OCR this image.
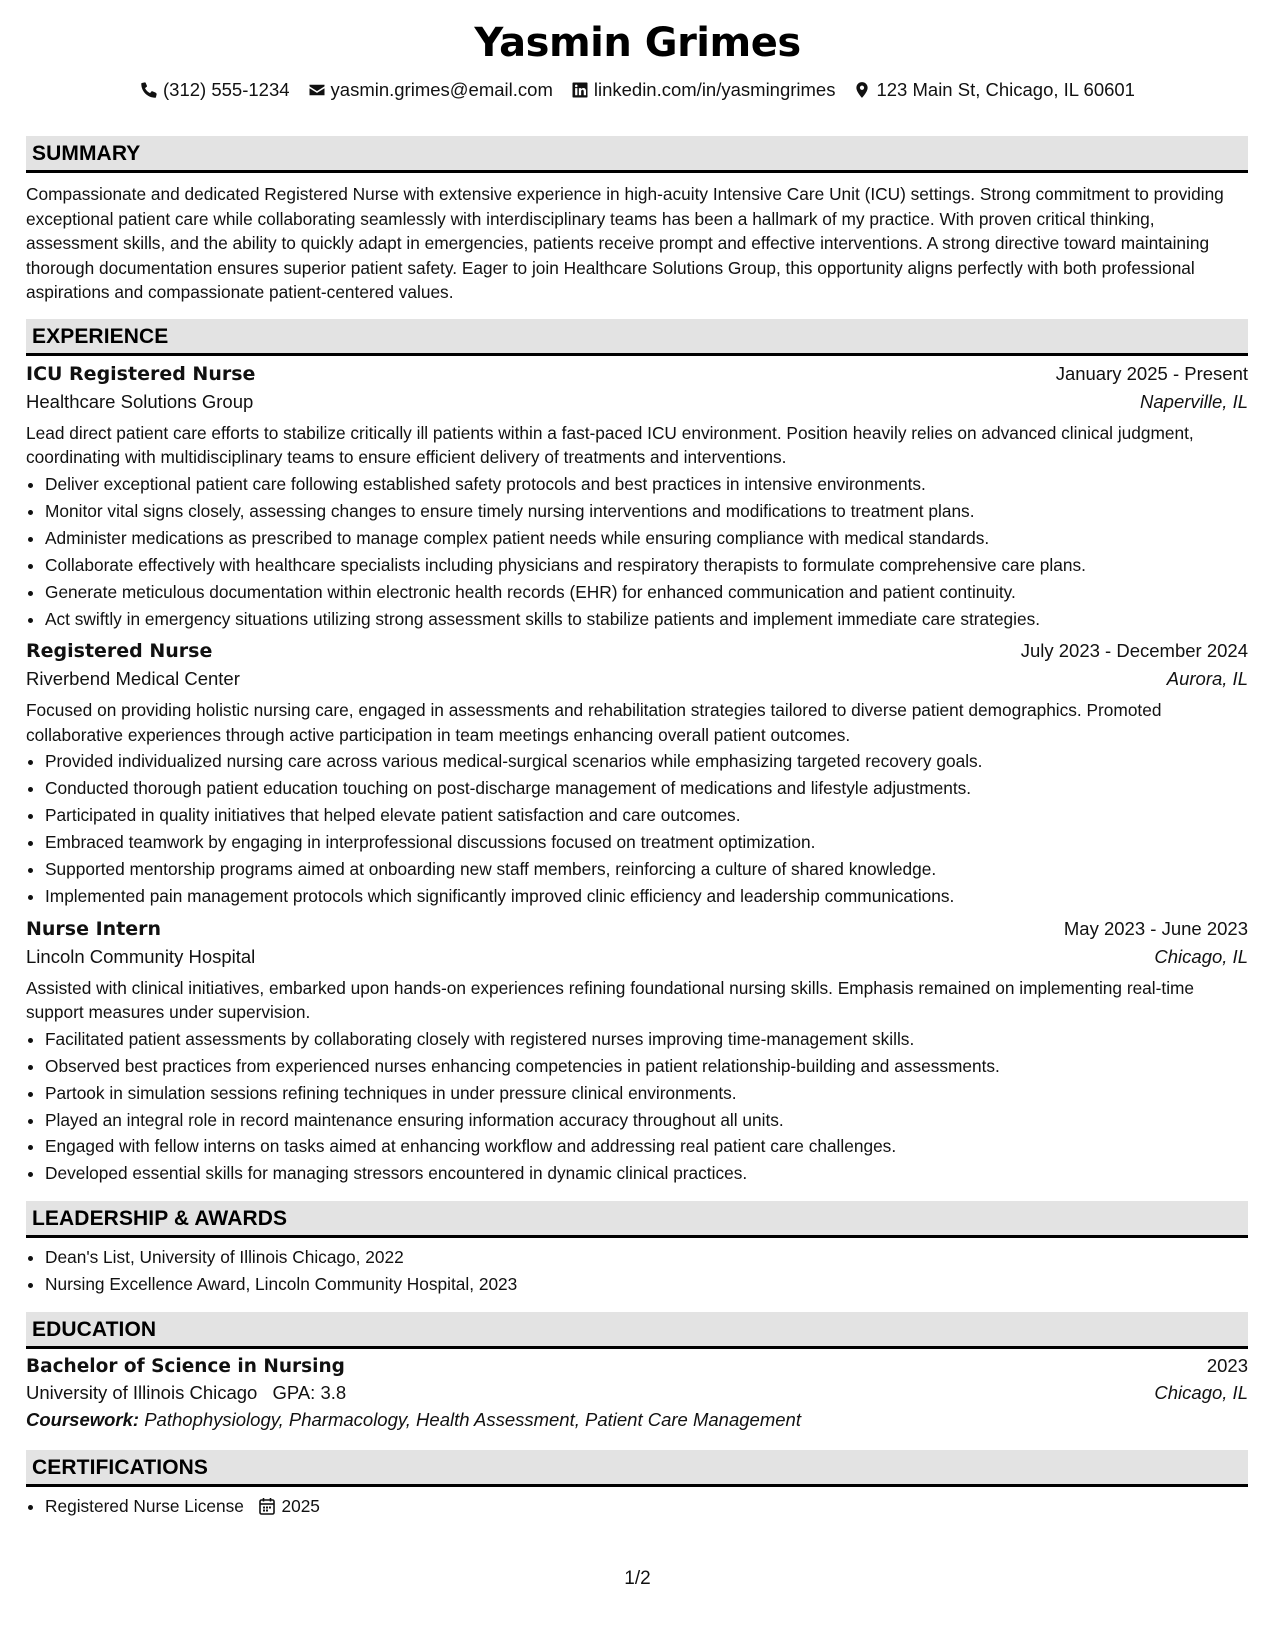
Yasmin Grimes
(312) 555-1234 yasmin.grimes@email.com linkedin.com/in/yasmingrimes 123 Main St, Chicago, IL 60601
SUMMARY
Compassionate and dedicated Registered Nurse with extensive experience in high-acuity Intensive Care Unit (ICU) settings. Strong commitment to providing exceptional patient care while collaborating seamlessly with interdisciplinary teams has been a hallmark of my practice. With proven critical thinking, assessment skills, and the ability to quickly adapt in emergencies, patients receive prompt and effective interventions. A strong directive toward maintaining thorough documentation ensures superior patient safety. Eager to join Healthcare Solutions Group, this opportunity aligns perfectly with both professional aspirations and compassionate patient-centered values.
EXPERIENCE
ICU Registered Nurse	January 2025 - Present
Healthcare Solutions Group	Naperville, IL
Lead direct patient care efforts to stabilize critically ill patients within a fast-paced ICU environment. Position heavily relies on advanced clinical judgment, coordinating with multidisciplinary teams to ensure efficient delivery of treatments and interventions.
• Deliver exceptional patient care following established safety protocols and best practices in intensive environments.
• Monitor vital signs closely, assessing changes to ensure timely nursing interventions and modifications to treatment plans.
• Administer medications as prescribed to manage complex patient needs while ensuring compliance with medical standards.
• Collaborate effectively with healthcare specialists including physicians and respiratory therapists to formulate comprehensive care plans.
• Generate meticulous documentation within electronic health records (EHR) for enhanced communication and patient continuity.
• Act swiftly in emergency situations utilizing strong assessment skills to stabilize patients and implement immediate care strategies.
Registered Nurse	July 2023 - December 2024
Riverbend Medical Center	Aurora, IL
Focused on providing holistic nursing care, engaged in assessments and rehabilitation strategies tailored to diverse patient demographics. Promoted collaborative experiences through active participation in team meetings enhancing overall patient outcomes.
• Provided individualized nursing care across various medical-surgical scenarios while emphasizing targeted recovery goals.
• Conducted thorough patient education touching on post-discharge management of medications and lifestyle adjustments.
• Participated in quality initiatives that helped elevate patient satisfaction and care outcomes.
• Embraced teamwork by engaging in interprofessional discussions focused on treatment optimization.
• Supported mentorship programs aimed at onboarding new staff members, reinforcing a culture of shared knowledge.
• Implemented pain management protocols which significantly improved clinic efficiency and leadership communications.
Nurse Intern	May 2023 - June 2023
Lincoln Community Hospital	Chicago, IL
Assisted with clinical initiatives, embarked upon hands-on experiences refining foundational nursing skills. Emphasis remained on implementing real-time support measures under supervision.
• Facilitated patient assessments by collaborating closely with registered nurses improving time-management skills.
• Observed best practices from experienced nurses enhancing competencies in patient relationship-building and assessments.
• Partook in simulation sessions refining techniques in under pressure clinical environments.
• Played an integral role in record maintenance ensuring information accuracy throughout all units.
• Engaged with fellow interns on tasks aimed at enhancing workflow and addressing real patient care challenges.
• Developed essential skills for managing stressors encountered in dynamic clinical practices.
LEADERSHIP & AWARDS
• Dean's List, University of Illinois Chicago, 2022
• Nursing Excellence Award, Lincoln Community Hospital, 2023
EDUCATION
Bachelor of Science in Nursing	2023
University of Illinois Chicago GPA: 3.8	Chicago, IL
Coursework: Pathophysiology, Pharmacology, Health Assessment, Patient Care Management
CERTIFICATIONS
• Registered Nurse License 2025
1/2
